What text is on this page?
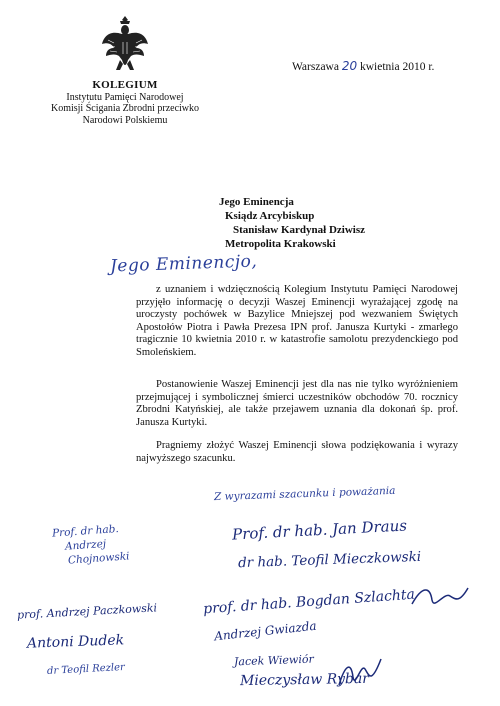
KOLEGIUM
Instytutu Pamięci Narodowej
Komisji Ścigania Zbrodni przeciwko
Narodowi Polskiemu
Warszawa 20 kwietnia 2010 r.
Jego Eminencja
Ksiądz Arcybiskup
Stanisław Kardynał Dziwisz
Metropolita Krakowski
Jego Eminencjo,
z uznaniem i wdzięcznością Kolegium Instytutu Pamięci Narodowej przyjęło informację o decyzji Waszej Eminencji wyrażającej zgodę na uroczysty pochówek w Bazylice Mniejszej pod wezwaniem Świętych Apostołów Piotra i Pawła Prezesa IPN prof. Janusza Kurtyki - zmarłego tragicznie 10 kwietnia 2010 r. w katastrofie samolotu prezydenckiego pod Smoleńskiem.
Postanowienie Waszej Eminencji jest dla nas nie tylko wyróżnieniem przejmującej i symbolicznej śmierci uczestników obchodów 70. rocznicy Zbrodni Katyńskiej, ale także przejawem uznania dla dokonań śp. prof. Janusza Kurtyki.
Pragniemy złożyć Waszej Eminencji słowa podziękowania i wyrazy najwyższego szacunku.
Z wyrazami szacunku i poważania
Prof. dr hab. Jan Draus
dr hab. Teofil Mieczkowski
prof. dr hab. Bogdan Szlachta
Andrzej Gwiazda
Jacek Wiewiór
Mieczysław Rybar
Prof. dr hab.
Andrzej
Chojnowski
prof. Andrzej Paczkowski
Antoni Dudek
dr Teofil Rezler
